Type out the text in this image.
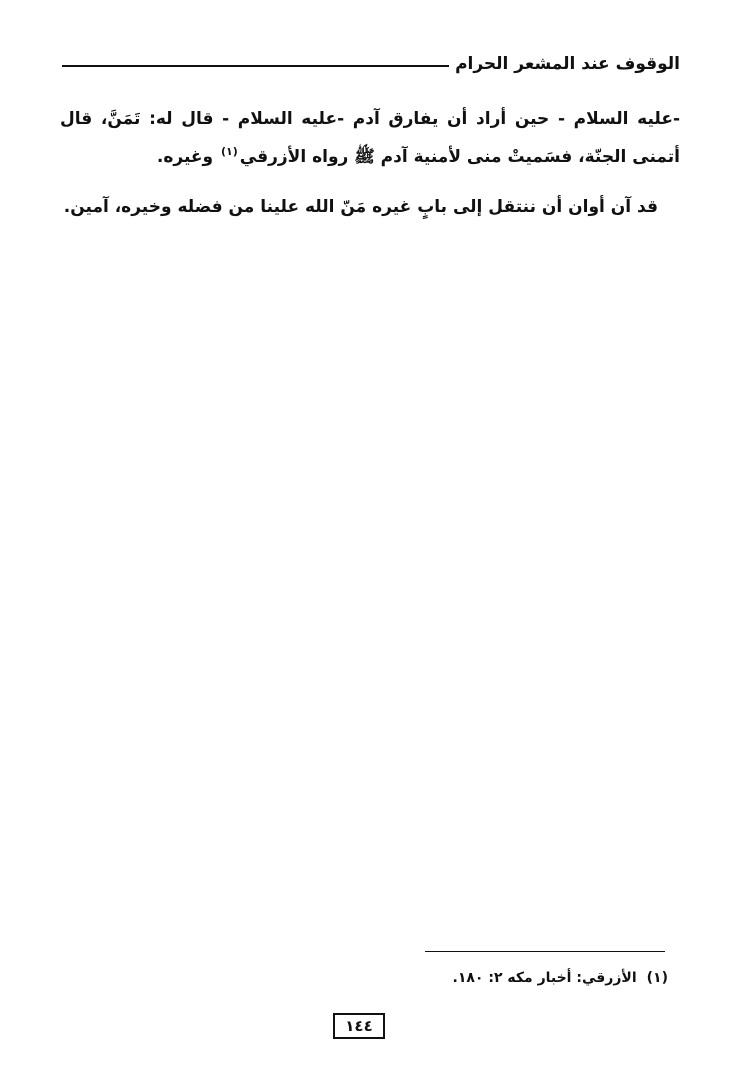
الوقوف عند المشعر الحرام

-عليه السلام - حين أراد أن يفارق آدم -عليه السلام - قال له: تَمَنَّ، قال أتمنى الجنّة، فسَميتْ منى لأمنية آدم ﷺ رواه الأزرقي$^{(١)}$ وغيره.

قد آن أوان أن ننتقل إلى بابٍ غيره مَنّ الله علينا من فضله وخيره، آمين.

(١)الأزرقي: أخبار مكه ٢: ١٨٠.
١٤٤
